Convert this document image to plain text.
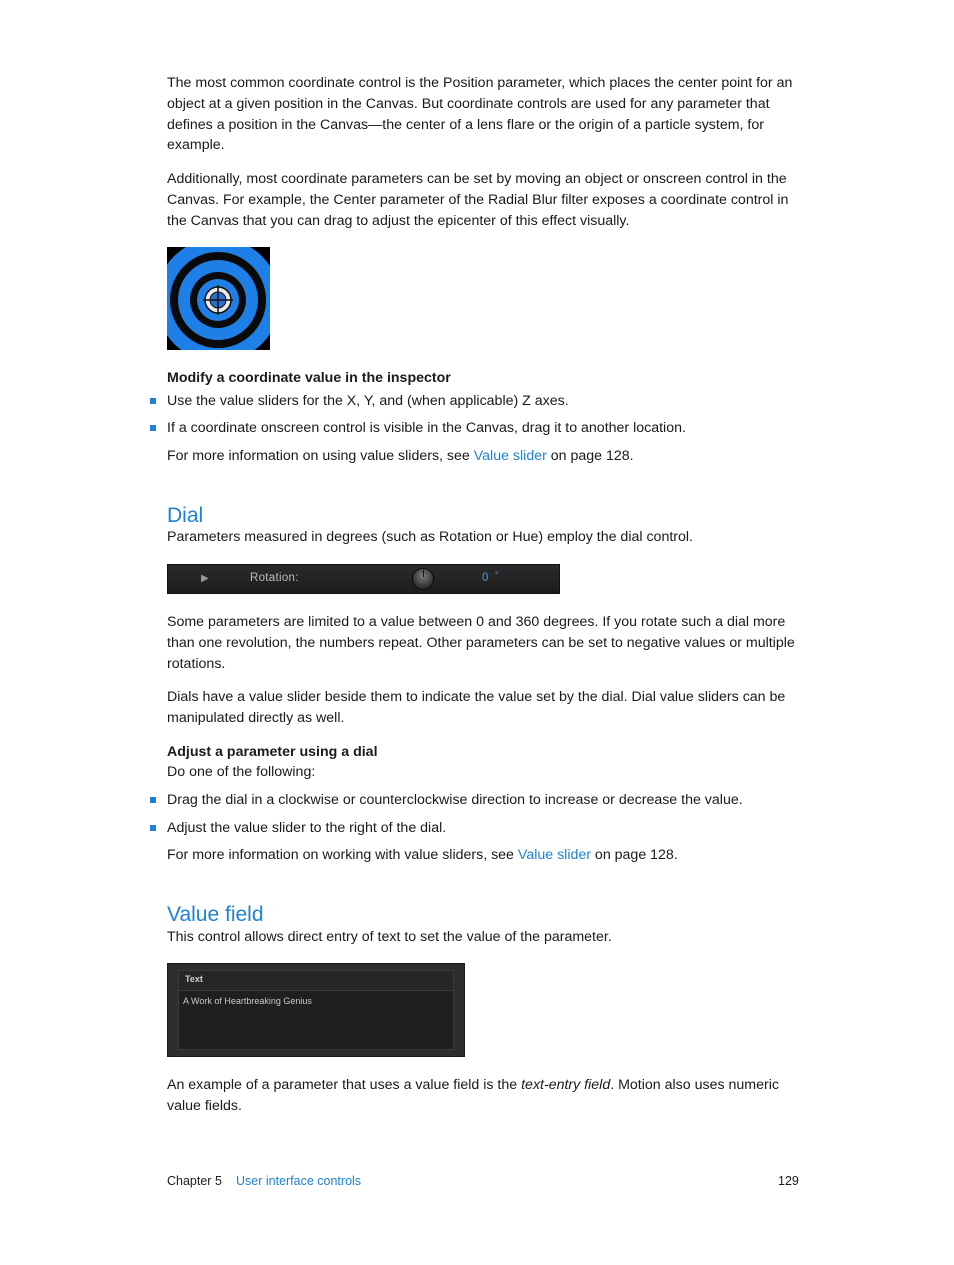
The most common coordinate control is the Position parameter, which places the center point for an object at a given position in the Canvas. But coordinate controls are used for any parameter that defines a position in the Canvas—the center of a lens flare or the origin of a particle system, for example.

Additionally, most coordinate parameters can be set by moving an object or onscreen control in the Canvas. For example, the Center parameter of the Radial Blur filter exposes a coordinate control in the Canvas that you can drag to adjust the epicenter of this effect visually.

Modify a coordinate value in the inspector
Use the value sliders for the X, Y, and (when applicable) Z axes.
If a coordinate onscreen control is visible in the Canvas, drag it to another location.
For more information on using value sliders, see Value slider on page 128.
Dial

Parameters measured in degrees (such as Rotation or Hue) employ the dial control.

▶	Rotation:	0 °

Some parameters are limited to a value between 0 and 360 degrees. If you rotate such a dial more than one revolution, the numbers repeat. Other parameters can be set to negative values or multiple rotations.

Dials have a value slider beside them to indicate the value set by the dial. Dial value sliders can be manipulated directly as well.

Adjust a parameter using a dial
Do one of the following:
Drag the dial in a clockwise or counterclockwise direction to increase or decrease the value.
Adjust the value slider to the right of the dial.
For more information on working with value sliders, see Value slider on page 128.
Value field

This control allows direct entry of text to set the value of the parameter.

Text
A Work of Heartbreaking Genius

An example of a parameter that uses a value field is the text-entry field. Motion also uses numeric value fields.

Chapter 5 User interface controls	129
